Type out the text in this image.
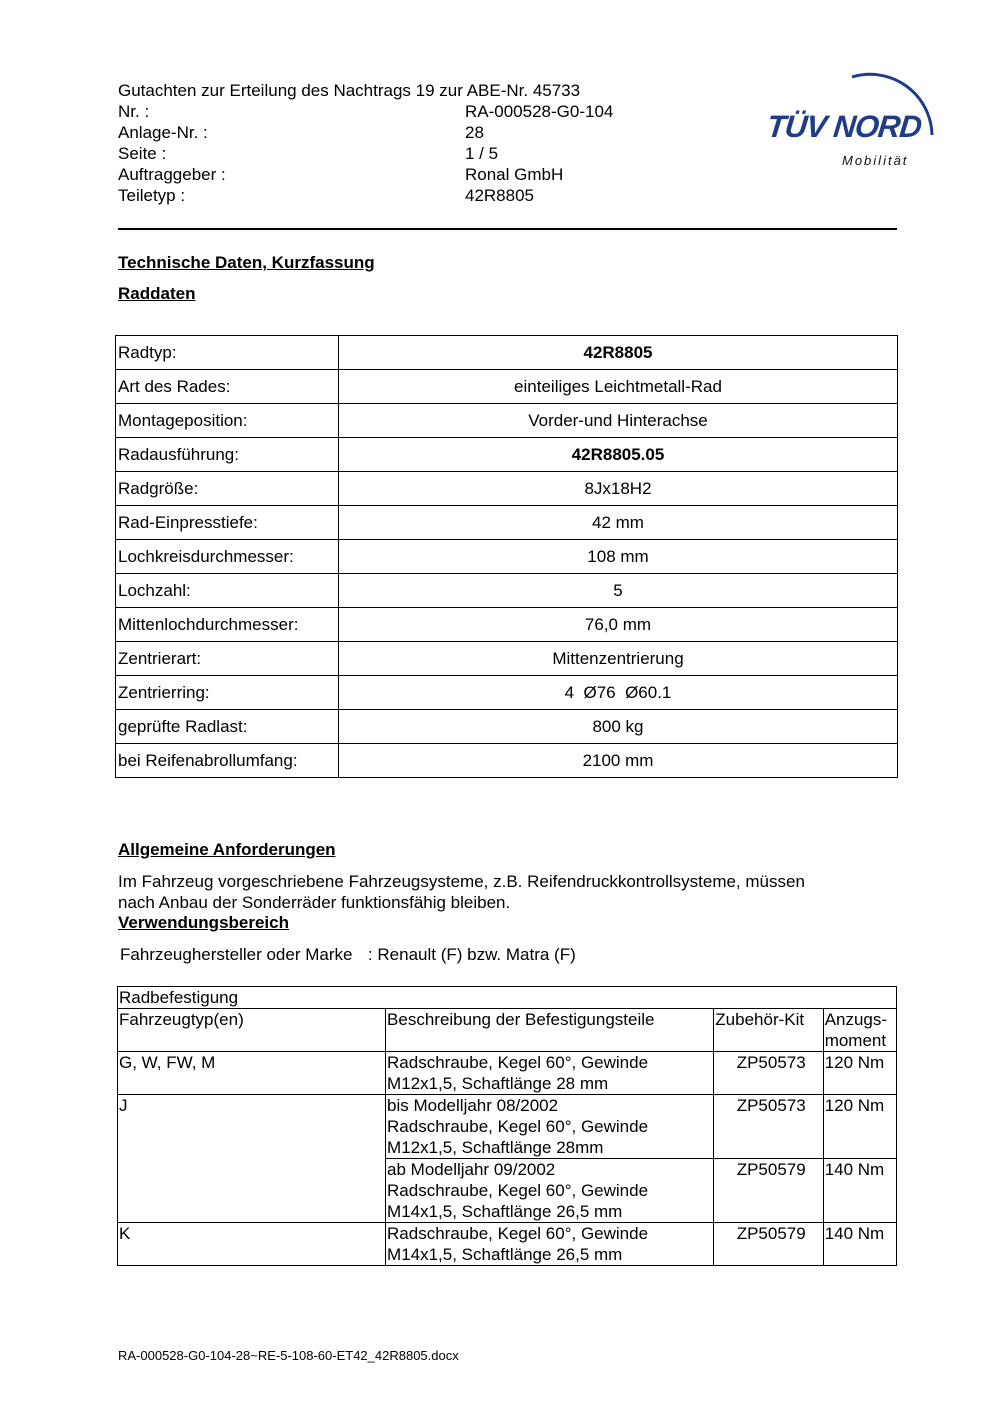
Gutachten zur Erteilung des Nachtrags 19 zur ABE-Nr. 45733
Nr. :	RA-000528-G0-104
Anlage-Nr. :	28
Seite :	1 / 5
Auftraggeber :	Ronal GmbH
Teiletyp :	42R8805
TÜV NORD
Mobilität
Technische Daten, Kurzfassung
Raddaten
Radtyp:	42R8805
Art des Rades:	einteiliges Leichtmetall-Rad
Montageposition:	Vorder-und Hinterachse
Radausführung:	42R8805.05
Radgröße:	8Jx18H2
Rad-Einpresstiefe:	42 mm
Lochkreisdurchmesser:	108 mm
Lochzahl:	5
Mittenlochdurchmesser:	76,0 mm
Zentrierart:	Mittenzentrierung
Zentrierring:	4  Ø76  Ø60.1
geprüfte Radlast:	800 kg
bei Reifenabrollumfang:	2100 mm
Allgemeine Anforderungen
Im Fahrzeug vorgeschriebene Fahrzeugsysteme, z.B. Reifendruckkontrollsysteme, müssen
nach Anbau der Sonderräder funktionsfähig bleiben.
Verwendungsbereich
Fahrzeughersteller oder Marke : Renault (F) bzw. Matra (F)
Radbefestigung			
Fahrzeugtyp(en)	Beschreibung der Befestigungsteile	Zubehör-Kit	Anzugs-
moment

G, W, FW, M	Radschraube, Kegel 60°, Gewinde
M12x1,5, Schaftlänge 28 mm	ZP50573	120 Nm
J	bis Modelljahr 08/2002
Radschraube, Kegel 60°, Gewinde
M12x1,5, Schaftlänge 28mm	ZP50573	120 Nm

	ab Modelljahr 09/2002
Radschraube, Kegel 60°, Gewinde
M14x1,5, Schaftlänge 26,5 mm	ZP50579	140 Nm
K	Radschraube, Kegel 60°, Gewinde
M14x1,5, Schaftlänge 26,5 mm	ZP50579	140 Nm
RA-000528-G0-104-28~RE-5-108-60-ET42_42R8805.docx
